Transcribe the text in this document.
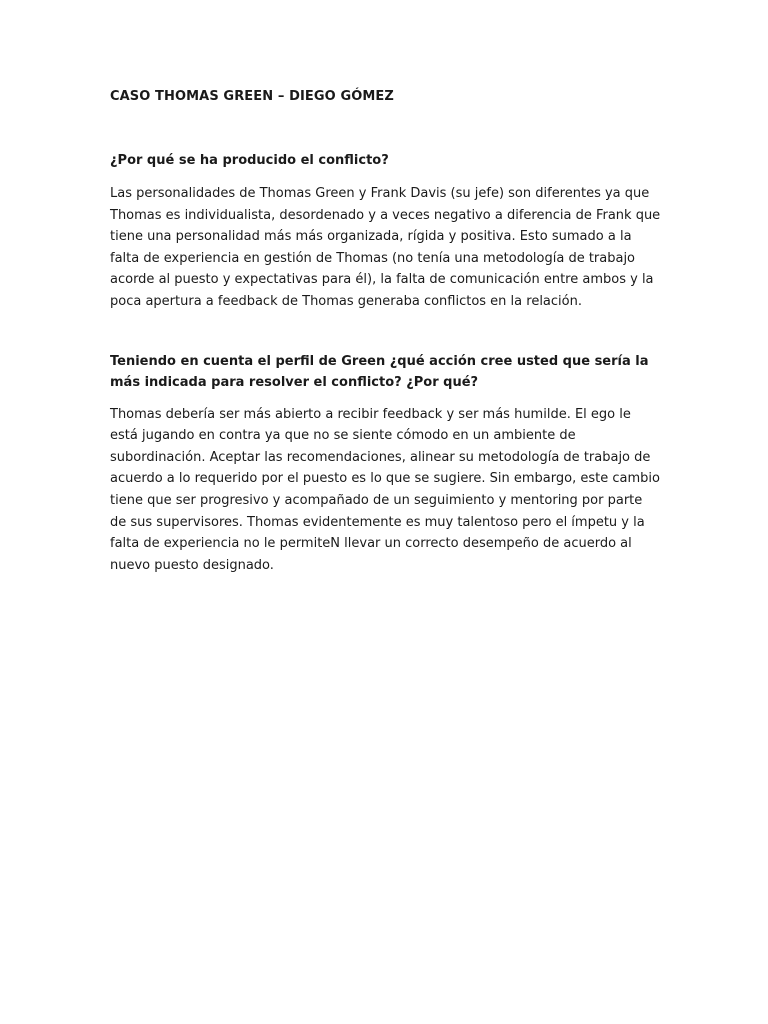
CASO THOMAS GREEN – DIEGO GÓMEZ

¿Por qué se ha producido el conflicto?

Las personalidades de Thomas Green y Frank Davis (su jefe) son diferentes ya que Thomas es individualista, desordenado y a veces negativo a diferencia de Frank que tiene una personalidad más más organizada, rígida y positiva. Esto sumado a la falta de experiencia en gestión de Thomas (no tenía una metodología de trabajo acorde al puesto y expectativas para él), la falta de comunicación entre ambos y la poca apertura a feedback de Thomas generaba conflictos en la relación.

Teniendo en cuenta el perfil de Green ¿qué acción cree usted que sería la más indicada para resolver el conflicto? ¿Por qué?

Thomas debería ser más abierto a recibir feedback y ser más humilde. El ego le está jugando en contra ya que no se siente cómodo en un ambiente de subordinación. Aceptar las recomendaciones, alinear su metodología de trabajo de acuerdo a lo requerido por el puesto es lo que se sugiere. Sin embargo, este cambio tiene que ser progresivo y acompañado de un seguimiento y mentoring por parte de sus supervisores. Thomas evidentemente es muy talentoso pero el ímpetu y la falta de experiencia no le permiteN llevar un correcto desempeño de acuerdo al nuevo puesto designado.
